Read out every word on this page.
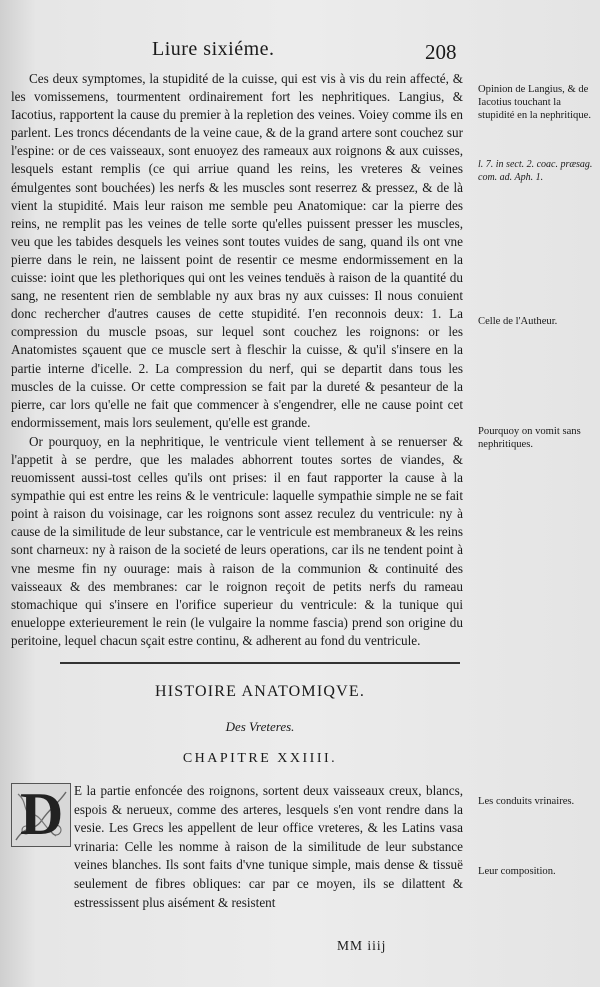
Liure sixiéme.	208

Ces deux symptomes, la stupidité de la cuisse, qui est vis à vis du rein affecté, & les vomissemens, tourmentent ordinairement fort les nephritiques. Langius, & Iacotius, rapportent la cause du premier à la repletion des veines. Voiey comme ils en parlent. Les troncs décendants de la veine caue, & de la grand artere sont couchez sur l'espine: or de ces vaisseaux, sont enuoyez des rameaux aux roignons & aux cuisses, lesquels estant remplis (ce qui arriue quand les reins, les vreteres & veines émulgentes sont bouchées) les nerfs & les muscles sont reserrez & pressez, & de là vient la stupidité. Mais leur raison me semble peu Anatomique: car la pierre des reins, ne remplit pas les veines de telle sorte qu'elles puissent presser les muscles, veu que les tabides desquels les veines sont toutes vuides de sang, quand ils ont vne pierre dans le rein, ne laissent point de resentir ce mesme endormissement en la cuisse: ioint que les plethoriques qui ont les veines tenduës à raison de la quantité du sang, ne resentent rien de semblable ny aux bras ny aux cuisses: Il nous conuient donc rechercher d'autres causes de cette stupidité. I'en reconnois deux: 1. La compression du muscle psoas, sur lequel sont couchez les roignons: or les Anatomistes sçauent que ce muscle sert à fleschir la cuisse, & qu'il s'insere en la partie interne d'icelle. 2. La compression du nerf, qui se departit dans tous les muscles de la cuisse. Or cette compression se fait par la dureté & pesanteur de la pierre, car lors qu'elle ne fait que commencer à s'engendrer, elle ne cause point cet endormissement, mais lors seulement, qu'elle est grande.

Or pourquoy, en la nephritique, le ventricule vient tellement à se renuerser & l'appetit à se perdre, que les malades abhorrent toutes sortes de viandes, & reuomissent aussi-tost celles qu'ils ont prises: il en faut rapporter la cause à la sympathie qui est entre les reins & le ventricule: laquelle sympathie simple ne se fait point à raison du voisinage, car les roignons sont assez reculez du ventricule: ny à cause de la similitude de leur substance, car le ventricule est membraneux & les reins sont charneux: ny à raison de la societé de leurs operations, car ils ne tendent point à vne mesme fin ny ouurage: mais à raison de la communion & continuité des vaisseaux & des membranes: car le roignon reçoit de petits nerfs du rameau stomachique qui s'insere en l'orifice superieur du ventricule: & la tunique qui enueloppe exterieurement le rein (le vulgaire la nomme fascia) prend son origine du peritoine, lequel chacun sçait estre continu, & adherent au fond du ventricule.

Opinion de Langius, & de Iacotius touchant la stupidité en la nephritique.
l. 7. in sect. 2. coac. præsag. com. ad. Aph. 1.
Celle de l'Autheur.
Pourquoy on vomit sans nephritiques.
HISTOIRE ANATOMIQVE.
Des Vreteres.
CHAPITRE XXIIII.
D E la partie enfoncée des roignons, sortent deux vaisseaux creux, blancs, espois & nerueux, comme des arteres, lesquels s'en vont rendre dans la vesie. Les Grecs les appellent de leur office vreteres, & les Latins vasa vrinaria: Celle les nomme à raison de la similitude de leur substance veines blanches. Ils sont faits d'vne tunique simple, mais dense & tissuë seulement de fibres obliques: car par ce moyen, ils se dilattent & estressissent plus aisément & resistent
Les conduits vrinaires.
Leur composition.
MM iiij
